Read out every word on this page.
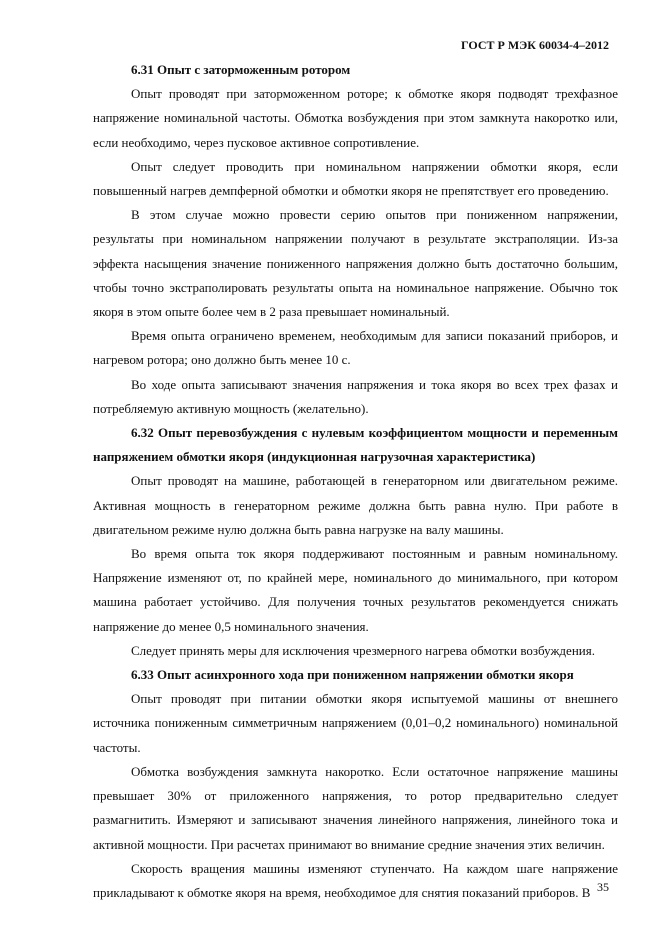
ГОСТ Р МЭК 60034-4–2012
6.31 Опыт с заторможенным ротором

Опыт проводят при заторможенном роторе; к обмотке якоря подводят трехфазное напряжение номинальной частоты. Обмотка возбуждения при этом замкнута накоротко или, если необходимо, через пусковое активное сопротивление.

Опыт следует проводить при номинальном напряжении обмотки якоря, если повышенный нагрев демпферной обмотки и обмотки якоря не препятствует его проведению.

В этом случае можно провести серию опытов при пониженном напряжении, результаты при номинальном напряжении получают в результате экстраполяции. Из-за эффекта насыщения значение пониженного напряжения должно быть достаточно большим, чтобы точно экстраполировать результаты опыта на номинальное напряжение. Обычно ток якоря в этом опыте более чем в 2 раза превышает номинальный.

Время опыта ограничено временем, необходимым для записи показаний приборов, и нагревом ротора; оно должно быть менее 10 с.

Во ходе опыта записывают значения напряжения и тока якоря во всех трех фазах и потребляемую активную мощность (желательно).

6.32 Опыт перевозбуждения с нулевым коэффициентом мощности и переменным напряжением обмотки якоря (индукционная нагрузочная характеристика)

Опыт проводят на машине, работающей в генераторном или двигательном режиме. Активная мощность в генераторном режиме должна быть равна нулю. При работе в двигательном режиме нулю должна быть равна нагрузке на валу машины.

Во время опыта ток якоря поддерживают постоянным и равным номинальному. Напряжение изменяют от, по крайней мере, номинального до минимального, при котором машина работает устойчиво. Для получения точных результатов рекомендуется снижать напряжение до менее 0,5 номинального значения.

Следует принять меры для исключения чрезмерного нагрева обмотки возбуждения.

6.33 Опыт асинхронного хода при пониженном напряжении обмотки якоря

Опыт проводят при питании обмотки якоря испытуемой машины от внешнего источника пониженным симметричным напряжением (0,01–0,2 номинального) номинальной частоты.

Обмотка возбуждения замкнута накоротко. Если остаточное напряжение машины превышает 30% от приложенного напряжения, то ротор предварительно следует размагнитить. Измеряют и записывают значения линейного напряжения, линейного тока и активной мощности. При расчетах принимают во внимание средние значения этих величин.

Скорость вращения машины изменяют ступенчато. На каждом шаге напряжение прикладывают к обмотке якоря на время, необходимое для снятия показаний приборов. В 35
